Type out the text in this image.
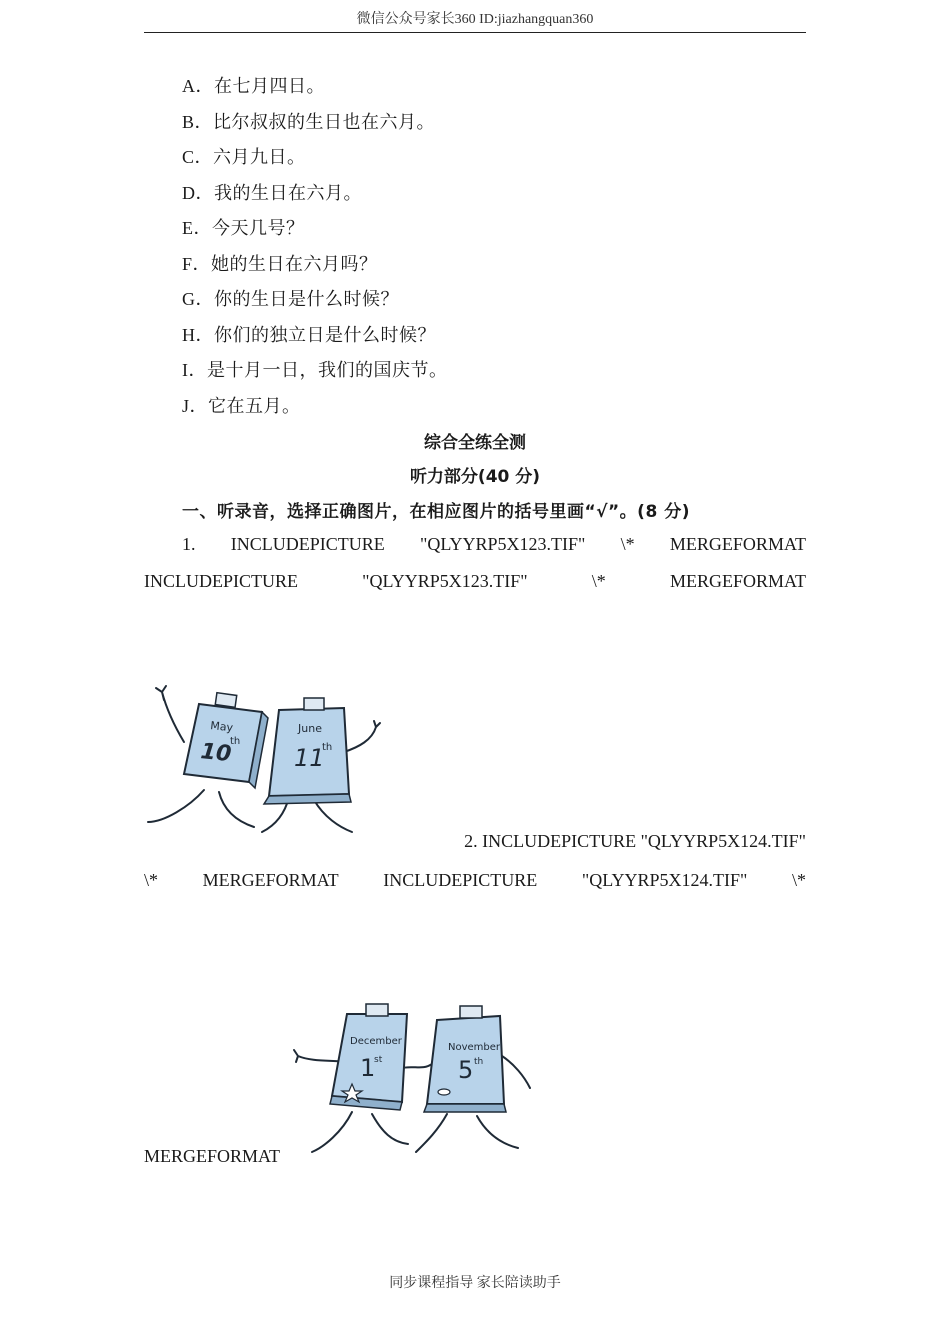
微信公众号家长360 ID:jiazhangquan360
A．在七月四日。
B．比尔叔叔的生日也在六月。
C．六月九日。
D．我的生日在六月。
E．今天几号？
F．她的生日在六月吗？
G．你的生日是什么时候？
H．你们的独立日是什么时候？
I．是十月一日，我们的国庆节。
J．它在五月。
综合全练全测
听力部分(40 分)
一、听录音，选择正确图片，在相应图片的括号里画“√”。(8 分)
1. INCLUDEPICTURE "QLYYRP5X123.TIF" \* MERGEFORMAT
INCLUDEPICTURE	"QLYYRP5X123.TIF"	\*	MERGEFORMAT
May
10
th
June
11
th
2. INCLUDEPICTURE "QLYYRP5X124.TIF"
\* MERGEFORMAT INCLUDEPICTURE "QLYYRP5X124.TIF" \*
December
1
st
November
5 th
MERGEFORMAT
同步课程指导 家长陪读助手
